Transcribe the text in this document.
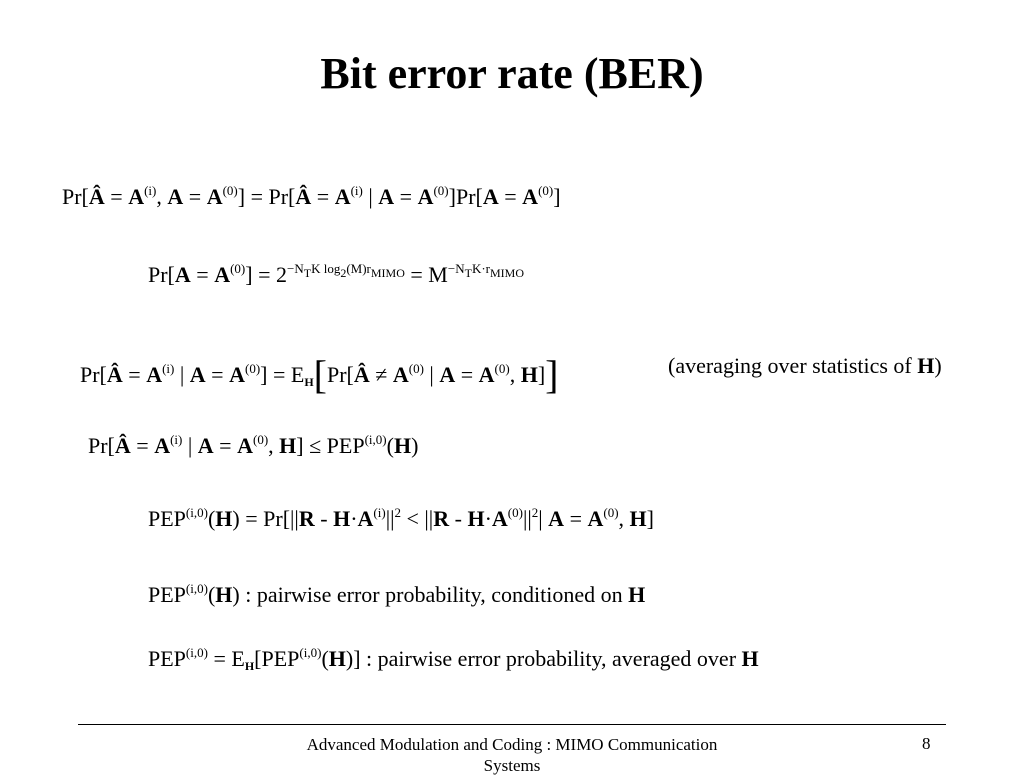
Bit error rate (BER)
Pr[Â = $A^{(i)}$, $A = A^{(0)}$] = Pr[Â = $A^{(i)}$ | $A = A^{(0)}]Pr[A = A^{(0)}]$
$Pr[A = A^{(0)}] = 2^{-N_TK log_2(M)r_{MIMO}} = M^{-N_TK\cdot r_{MIMO}}$
Pr[Â = $A^{(i)}$ | $A = A^{(0)}$] = $E_H[Pr[Â \ne A^{(0)}$ | $A = A^{(0)}$, H]]	(averaging over statistics of H)
Pr[Â = $A^{(i)}$ | $A = A^{(0)}$, H] ≤ PEP$^{(i,0)}$(H)
$PEP^{(i,0)}(H) = Pr[||R - H\cdot A^{(i)}||^2 < ||R - H\cdot A^{(0)}||^2|$ $A = A^{(0)}$, H]
PEP$^{(i,0)}$(H) : pairwise error probability, conditioned on H
$PEP^{(i,0)} = E_H[PEP^{(i,0)}(H)]$ : pairwise error probability, averaged over H
Advanced Modulation and Coding : MIMO Communication Systems
8
